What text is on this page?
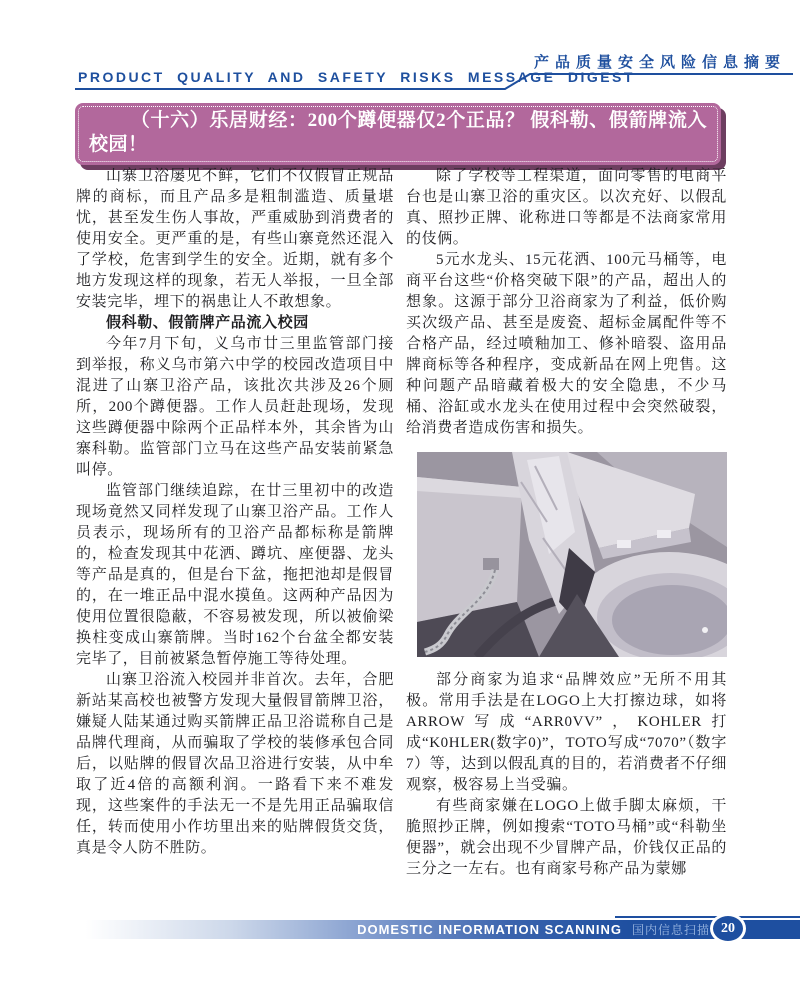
PRODUCT QUALITY AND SAFETY RISKS MESSAGE DIGEST
产品质量安全风险信息摘要

（十六）乐居财经：200个蹲便器仅2个正品？ 假科勒、假箭牌流入校园！

山寨卫浴屡见不鲜，它们不仅假冒正规品牌的商标，而且产品多是粗制滥造、质量堪忧，甚至发生伤人事故，严重威胁到消费者的使用安全。更严重的是，有些山寨竟然还混入了学校，危害到学生的安全。近期，就有多个地方发现这样的现象，若无人举报，一旦全部安装完毕，埋下的祸患让人不敢想象。

假科勒、假箭牌产品流入校园

今年7月下旬，义乌市廿三里监管部门接到举报，称义乌市第六中学的校园改造项目中混进了山寨卫浴产品，该批次共涉及26个厕所，200个蹲便器。工作人员赶赴现场，发现这些蹲便器中除两个正品样本外，其余皆为山寨科勒。监管部门立马在这些产品安装前紧急叫停。

监管部门继续追踪，在廿三里初中的改造现场竟然又同样发现了山寨卫浴产品。工作人员表示，现场所有的卫浴产品都标称是箭牌的，检查发现其中花洒、蹲坑、座便器、龙头等产品是真的，但是台下盆，拖把池却是假冒的，在一堆正品中混水摸鱼。这两种产品因为使用位置很隐蔽，不容易被发现，所以被偷梁换柱变成山寨箭牌。当时162个台盆全都安装完毕了，目前被紧急暂停施工等待处理。

山寨卫浴流入校园并非首次。去年，合肥新站某高校也被警方发现大量假冒箭牌卫浴，嫌疑人陆某通过购买箭牌正品卫浴谎称自己是品牌代理商，从而骗取了学校的装修承包合同后，以贴牌的假冒次品卫浴进行安装，从中牟取了近4倍的高额利润。一路看下来不难发现，这些案件的手法无一不是先用正品骗取信任，转而使用小作坊里出来的贴牌假货交货，真是令人防不胜防。

除了学校等工程渠道，面向零售的电商平台也是山寨卫浴的重灾区。以次充好、以假乱真、照抄正牌、讹称进口等都是不法商家常用的伎俩。

5元水龙头、15元花洒、100元马桶等，电商平台这些“价格突破下限”的产品，超出人的想象。这源于部分卫浴商家为了利益，低价购买次级产品、甚至是废瓷、超标金属配件等不合格产品，经过喷釉加工、修补暗裂、盗用品牌商标等各种程序，变成新品在网上兜售。这种问题产品暗藏着极大的安全隐患，不少马桶、浴缸或水龙头在使用过程中会突然破裂，给消费者造成伤害和损失。

部分商家为追求“品牌效应”无所不用其极。常用手法是在LOGO上大打擦边球，如将ARROW写成“ARR0VV”，KOHLER打成“K0HLER(数字0)”，TOTO写成“7070”（数字7）等，达到以假乱真的目的，若消费者不仔细观察，极容易上当受骗。

有些商家嫌在LOGO上做手脚太麻烦，干脆照抄正牌，例如搜索“TOTO马桶”或“科勒坐便器”，就会出现不少冒牌产品，价钱仅正品的三分之一左右。也有商家号称产品为蒙娜

DOMESTIC INFORMATION SCANNING 国内信息扫描 20
